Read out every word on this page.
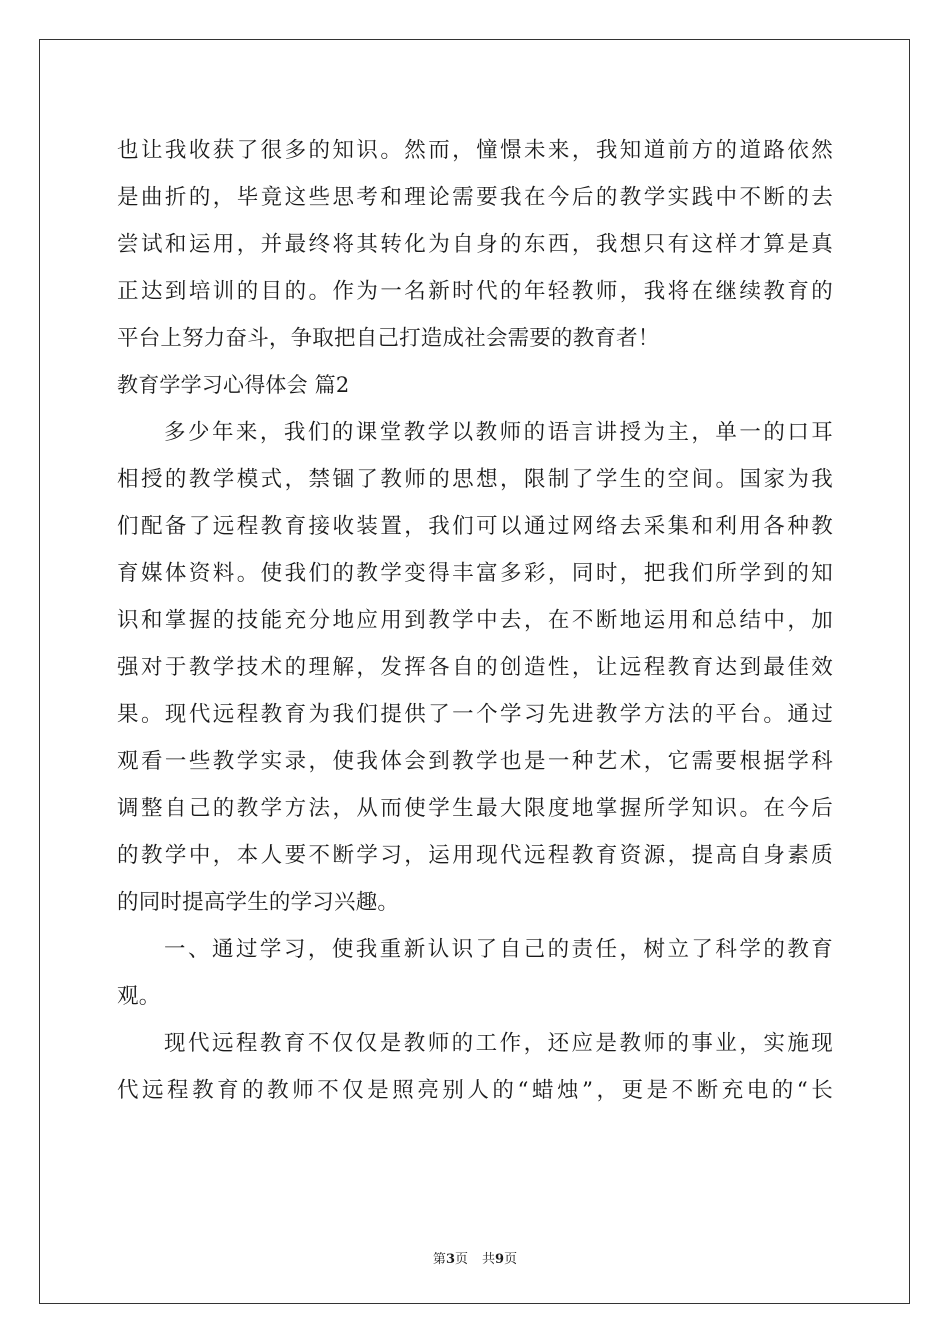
也让我收获了很多的知识。然而，憧憬未来，我知道前方的道路依然
是曲折的，毕竟这些思考和理论需要我在今后的教学实践中不断的去
尝试和运用，并最终将其转化为自身的东西，我想只有这样才算是真
正达到培训的目的。作为一名新时代的年轻教师，我将在继续教育的
平台上努力奋斗，争取把自己打造成社会需要的教育者！
教育学学习心得体会 篇2
多少年来，我们的课堂教学以教师的语言讲授为主，单一的口耳
相授的教学模式，禁锢了教师的思想，限制了学生的空间。国家为我
们配备了远程教育接收装置，我们可以通过网络去采集和利用各种教
育媒体资料。使我们的教学变得丰富多彩，同时，把我们所学到的知
识和掌握的技能充分地应用到教学中去，在不断地运用和总结中，加
强对于教学技术的理解，发挥各自的创造性，让远程教育达到最佳效
果。现代远程教育为我们提供了一个学习先进教学方法的平台。通过
观看一些教学实录，使我体会到教学也是一种艺术，它需要根据学科
调整自己的教学方法，从而使学生最大限度地掌握所学知识。在今后
的教学中，本人要不断学习，运用现代远程教育资源，提高自身素质
的同时提高学生的学习兴趣。
一、通过学习，使我重新认识了自己的责任，树立了科学的教育
观。
现代远程教育不仅仅是教师的工作，还应是教师的事业，实施现
代远程教育的教师不仅是照亮别人的“蜡烛”，更是不断充电的“长
第3页 共9页
